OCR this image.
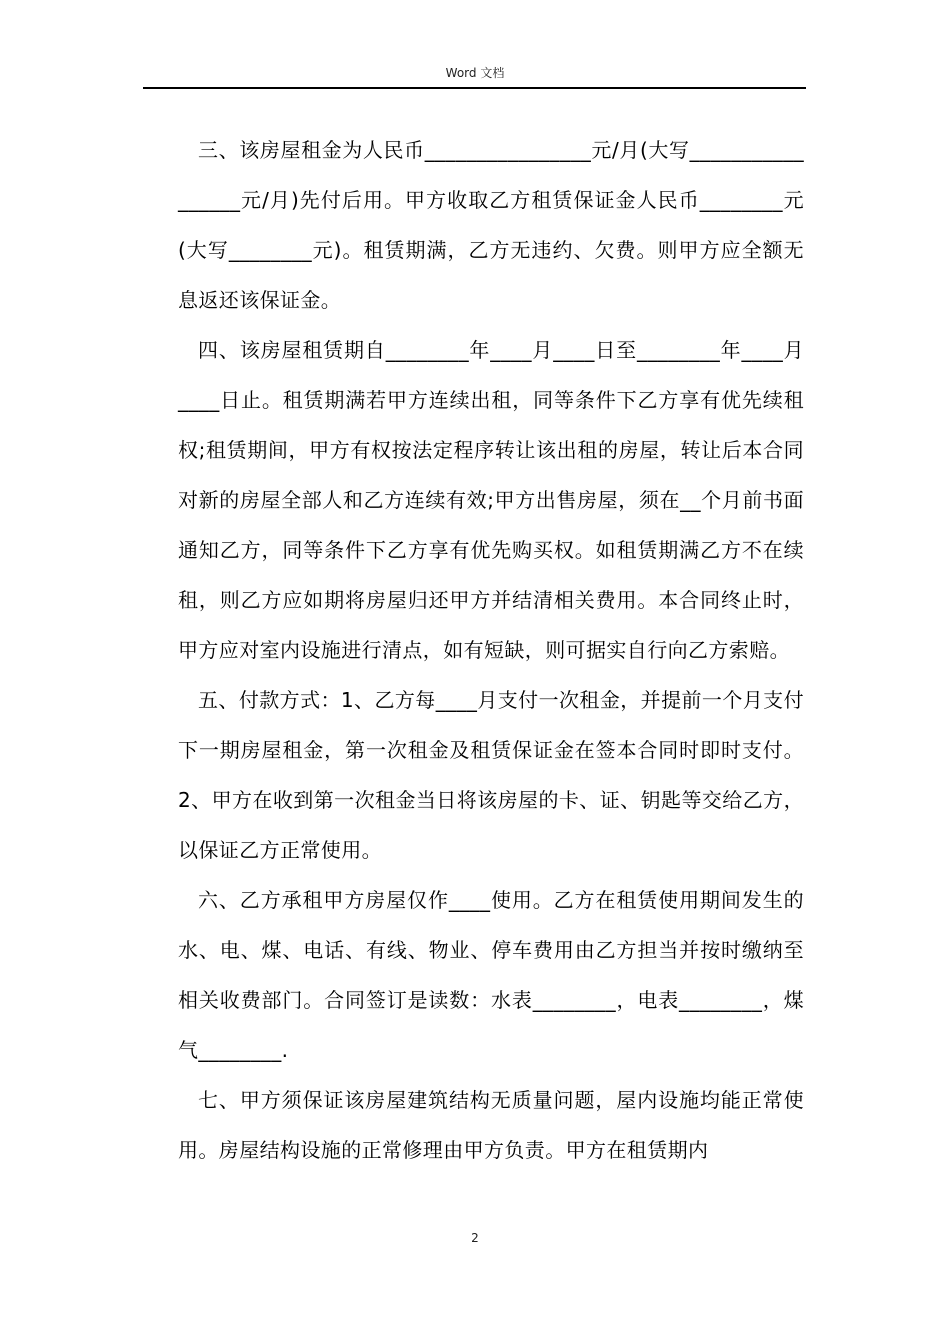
Word 文档

三、该房屋租金为人民币________________元/月(大写_________________元/月)先付后用。甲方收取乙方租赁保证金人民币________元(大写________元)。租赁期满，乙方无违约、欠费。则甲方应全额无息返还该保证金。

四、该房屋租赁期自________年____月____日至________年____月____日止。租赁期满若甲方连续出租，同等条件下乙方享有优先续租权;租赁期间，甲方有权按法定程序转让该出租的房屋，转让后本合同对新的房屋全部人和乙方连续有效;甲方出售房屋，须在__个月前书面通知乙方，同等条件下乙方享有优先购买权。如租赁期满乙方不在续租，则乙方应如期将房屋归还甲方并结清相关费用。本合同终止时，甲方应对室内设施进行清点，如有短缺，则可据实自行向乙方索赔。

五、付款方式：1、乙方每____月支付一次租金，并提前一个月支付下一期房屋租金，第一次租金及租赁保证金在签本合同时即时支付。2、甲方在收到第一次租金当日将该房屋的卡、证、钥匙等交给乙方，以保证乙方正常使用。

六、乙方承租甲方房屋仅作____使用。乙方在租赁使用期间发生的水、电、煤、电话、有线、物业、停车费用由乙方担当并按时缴纳至相关收费部门。合同签订是读数：水表________，电表________，煤气________.

七、甲方须保证该房屋建筑结构无质量问题，屋内设施均能正常使用。房屋结构设施的正常修理由甲方负责。甲方在租赁期内

2
